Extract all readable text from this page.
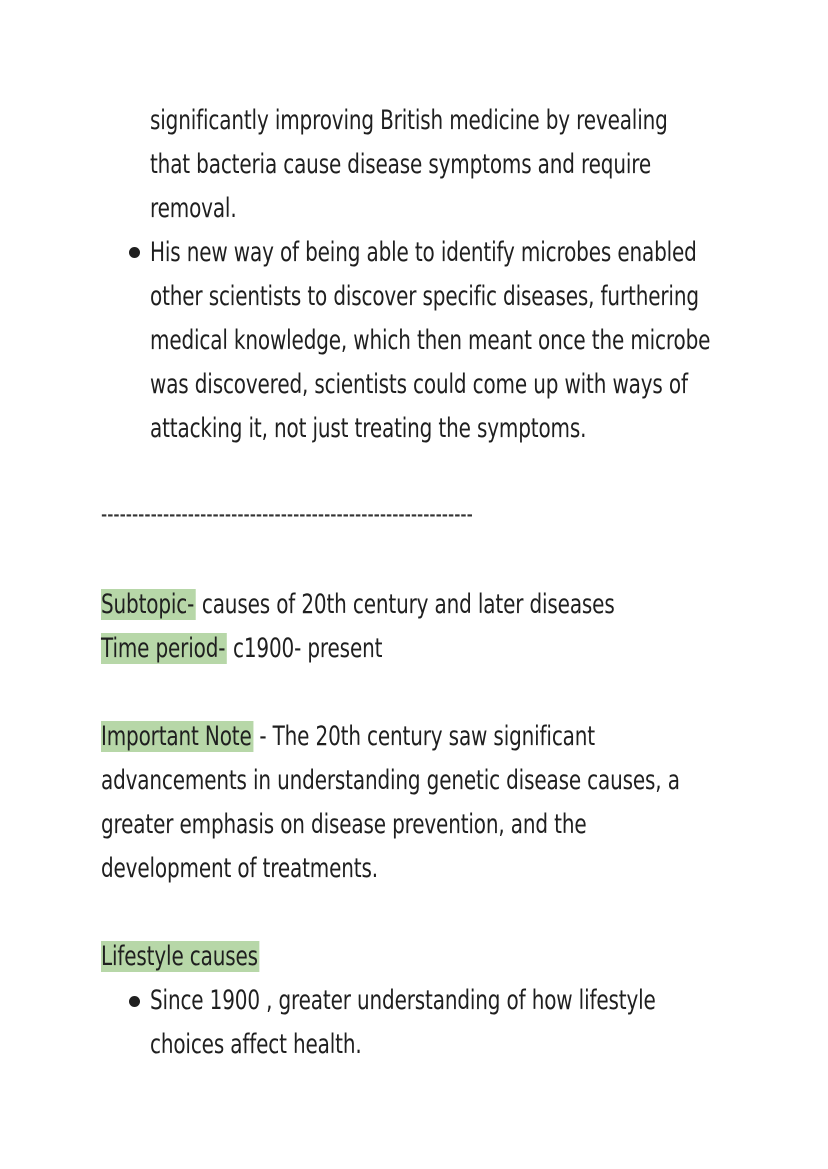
significantly improving British medicine by revealing
that bacteria cause disease symptoms and require
removal.
His new way of being able to identify microbes enabled
other scientists to discover specific diseases, furthering
medical knowledge, which then meant once the microbe
was discovered, scientists could come up with ways of
attacking it, not just treating the symptoms.
------------------------------------------------------------
Subtopic- causes of 20th century and later diseases
Time period- c1900- present
Important Note - The 20th century saw significant
advancements in understanding genetic disease causes, a
greater emphasis on disease prevention, and the
development of treatments.
Lifestyle causes
Since 1900 , greater understanding of how lifestyle
choices affect health.
